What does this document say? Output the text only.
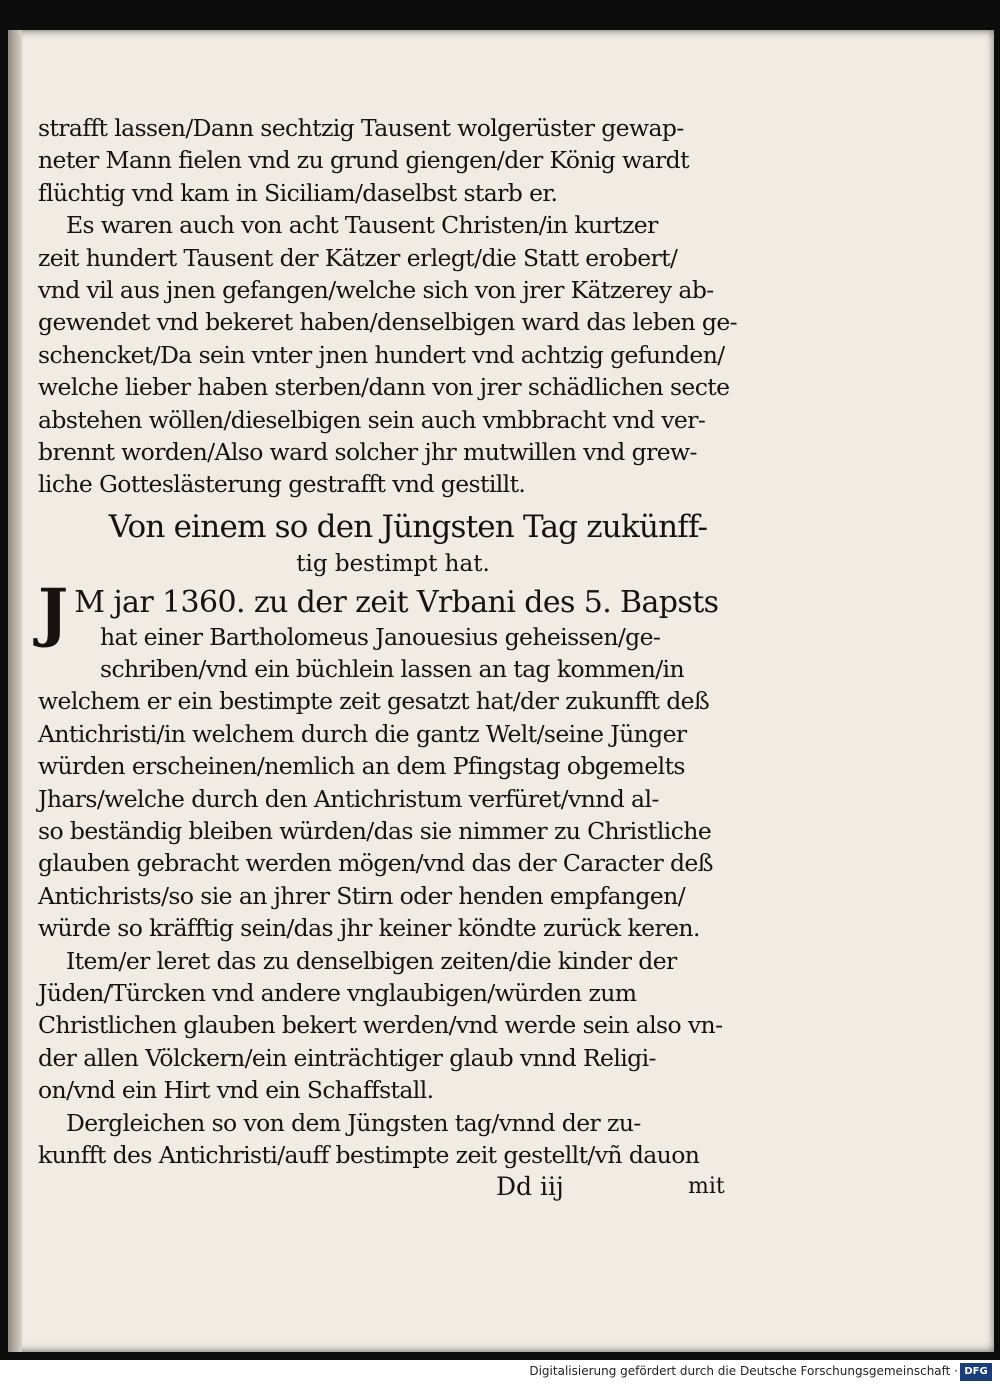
strafft lassen/Dann sechtzig Tausent wolgerüster gewap-
neter Mann fielen vnd zu grund giengen/der König wardt
flüchtig vnd kam in Siciliam/daselbst starb er.
Es waren auch von acht Tausent Christen/in kurtzer
zeit hundert Tausent der Kätzer erlegt/die Statt erobert/
vnd vil aus jnen gefangen/welche sich von jrer Kätzerey ab-
gewendet vnd bekeret haben/denselbigen ward das leben ge-
schencket/Da sein vnter jnen hundert vnd achtzig gefunden/
welche lieber haben sterben/dann von jrer schädlichen secte
abstehen wöllen/dieselbigen sein auch vmbbracht vnd ver-
brennt worden/Also ward solcher jhr mutwillen vnd grew-
liche Gotteslästerung gestrafft vnd gestillt.
Von einem so den Jüngsten Tag zukünff-
tig bestimpt hat.
J M jar 1360. zu der zeit Vrbani des 5. Bapsts
hat einer Bartholomeus Janouesius geheissen/ge-
schriben/vnd ein büchlein lassen an tag kommen/in
welchem er ein bestimpte zeit gesatzt hat/der zukunfft deß
Antichristi/in welchem durch die gantz Welt/seine Jünger
würden erscheinen/nemlich an dem Pfingstag obgemelts
Jhars/welche durch den Antichristum verfüret/vnnd al-
so beständig bleiben würden/das sie nimmer zu Christliche
glauben gebracht werden mögen/vnd das der Caracter deß
Antichrists/so sie an jhrer Stirn oder henden empfangen/
würde so kräfftig sein/das jhr keiner köndte zurück keren.
Item/er leret das zu denselbigen zeiten/die kinder der
Jüden/Türcken vnd andere vnglaubigen/würden zum
Christlichen glauben bekert werden/vnd werde sein also vn-
der allen Völckern/ein einträchtiger glaub vnnd Religi-
on/vnd ein Hirt vnd ein Schaffstall.
Dergleichen so von dem Jüngsten tag/vnnd der zu-
kunfft des Antichristi/auff bestimpte zeit gestellt/vñ dauon
Dd iij	mit
Digitalisierung gefördert durch die Deutsche Forschungsgemeinschaft · DFG
